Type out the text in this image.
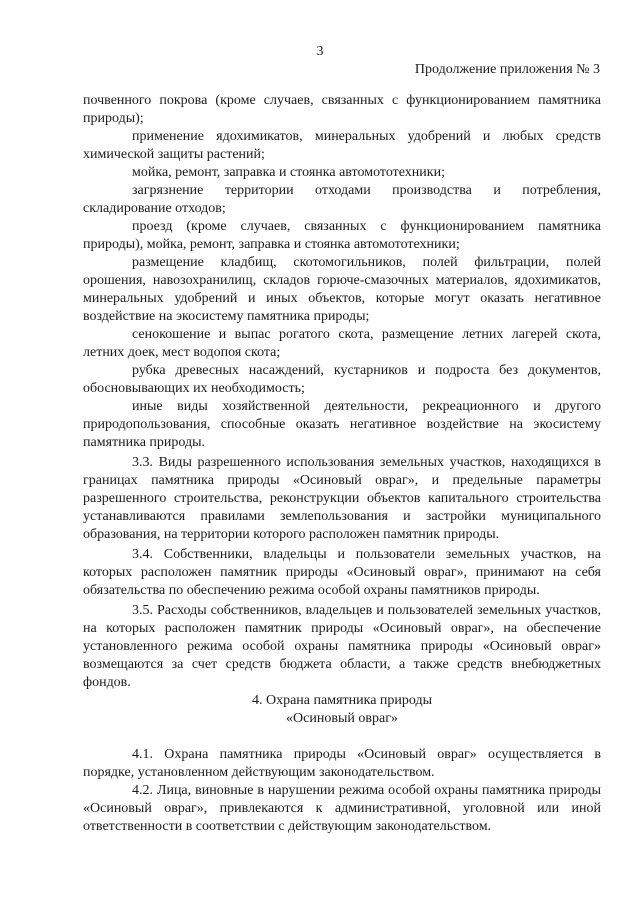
3
Продолжение приложения № 3

почвенного покрова (кроме случаев, связанных с функционированием памятника природы);

применение ядохимикатов, минеральных удобрений и любых средств химической защиты растений;

мойка, ремонт, заправка и стоянка автомототехники;

загрязнение территории отходами производства и потребления, складирование отходов;

проезд (кроме случаев, связанных с функционированием памятника природы), мойка, ремонт, заправка и стоянка автомототехники;

размещение кладбищ, скотомогильников, полей фильтрации, полей орошения, навозохранилищ, складов горюче-смазочных материалов, ядохимикатов, минеральных удобрений и иных объектов, которые могут оказать негативное воздействие на экосистему памятника природы;

сенокошение и выпас рогатого скота, размещение летних лагерей скота, летних доек, мест водопоя скота;

рубка древесных насаждений, кустарников и подроста без документов, обосновывающих их необходимость;

иные виды хозяйственной деятельности, рекреационного и другого природопользования, способные оказать негативное воздействие на экосистему памятника природы.

3.3. Виды разрешенного использования земельных участков, находящихся в границах памятника природы «Осиновый овраг», и предельные параметры разрешенного строительства, реконструкции объектов капитального строительства устанавливаются правилами землепользования и застройки муниципального образования, на территории которого расположен памятник природы.

3.4. Собственники, владельцы и пользователи земельных участков, на которых расположен памятник природы «Осиновый овраг», принимают на себя обязательства по обеспечению режима особой охраны памятников природы.

3.5. Расходы собственников, владельцев и пользователей земельных участков, на которых расположен памятник природы «Осиновый овраг», на обеспечение установленного режима особой охраны памятника природы «Осиновый овраг» возмещаются за счет средств бюджета области, а также средств внебюджетных фондов.

4. Охрана памятника природы
«Осиновый овраг»

4.1. Охрана памятника природы «Осиновый овраг» осуществляется в порядке, установленном действующим законодательством.

4.2. Лица, виновные в нарушении режима особой охраны памятника природы «Осиновый овраг», привлекаются к административной, уголовной или иной ответственности в соответствии с действующим законодательством.
